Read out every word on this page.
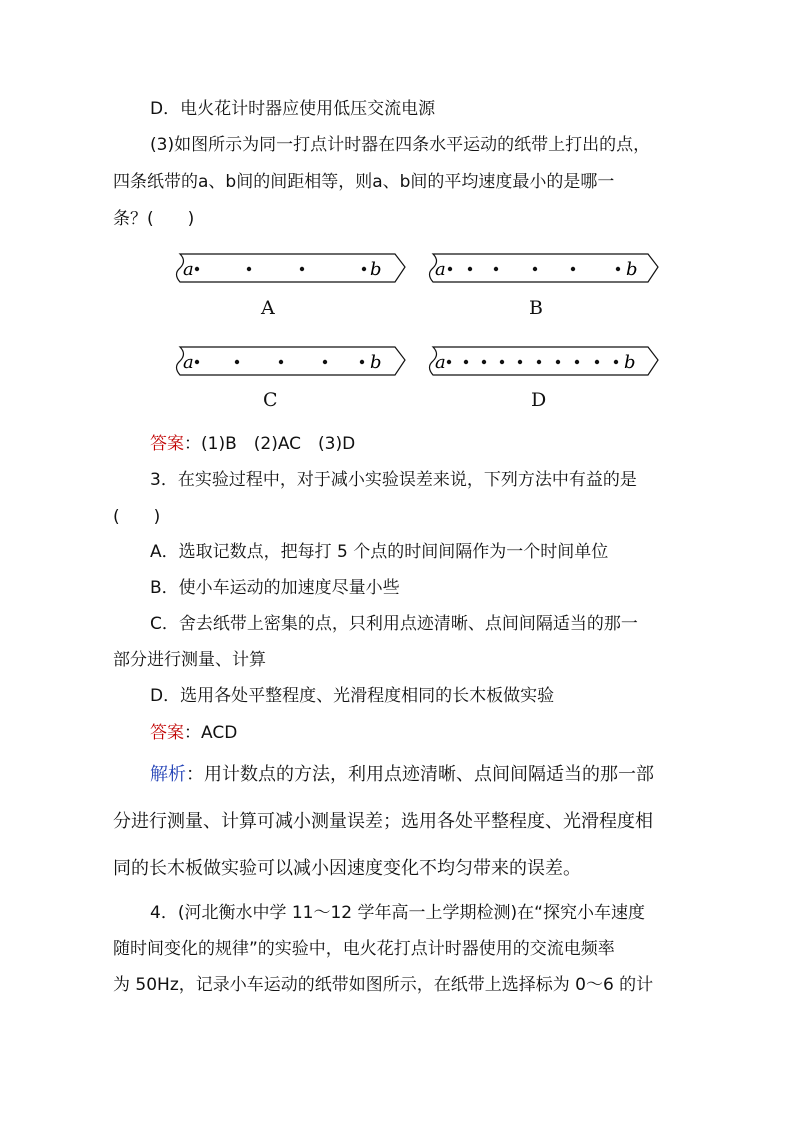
D．电火花计时器应使用低压交流电源
(3)如图所示为同一打点计时器在四条水平运动的纸带上打出的点，
四条纸带的a、b间的间距相等，则a、b间的平均速度最小的是哪一
条？(　　)
a	b	a	b
a	b	a	b
A	B
C	D
答案：(1)B　(2)AC　(3)D
3．在实验过程中，对于减小实验误差来说，下列方法中有益的是
(　　)
A．选取记数点，把每打 5 个点的时间间隔作为一个时间单位
B．使小车运动的加速度尽量小些
C．舍去纸带上密集的点，只利用点迹清晰、点间间隔适当的那一
部分进行测量、计算
D．选用各处平整程度、光滑程度相同的长木板做实验
答案：ACD
解析：用计数点的方法，利用点迹清晰、点间间隔适当的那一部
分进行测量、计算可减小测量误差；选用各处平整程度、光滑程度相
同的长木板做实验可以减小因速度变化不均匀带来的误差。
4．(河北衡水中学 11～12 学年高一上学期检测)在“探究小车速度
随时间变化的规律”的实验中，电火花打点计时器使用的交流电频率
为 50Hz，记录小车运动的纸带如图所示，在纸带上选择标为 0～6 的计
